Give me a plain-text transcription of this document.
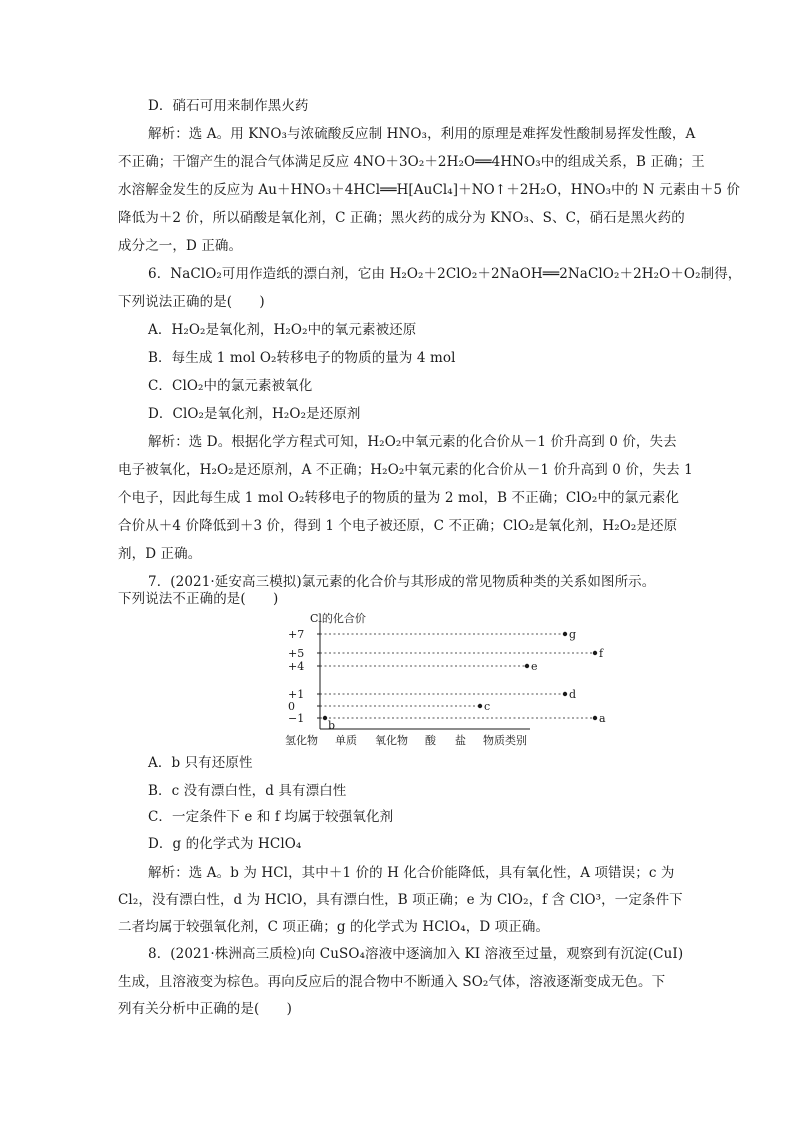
D．硝石可用来制作黑火药
解析：选 A。用 KNO₃与浓硫酸反应制 HNO₃，利用的原理是难挥发性酸制易挥发性酸，A
不正确；干馏产生的混合气体满足反应 4NO＋3O₂＋2H₂O══4HNO₃中的组成关系，B 正确；王
水溶解金发生的反应为 Au＋HNO₃＋4HCl══H[AuCl₄]＋NO↑＋2H₂O，HNO₃中的 N 元素由＋5 价
降低为＋2 价，所以硝酸是氧化剂，C 正确；黑火药的成分为 KNO₃、S、C，硝石是黑火药的
成分之一，D 正确。
6．NaClO₂可用作造纸的漂白剂，它由 H₂O₂＋2ClO₂＋2NaOH══2NaClO₂＋2H₂O＋O₂制得，
下列说法正确的是(　　)
A．H₂O₂是氧化剂，H₂O₂中的氧元素被还原
B．每生成 1 mol O₂转移电子的物质的量为 4 mol
C．ClO₂中的氯元素被氧化
D．ClO₂是氧化剂，H₂O₂是还原剂
解析：选 D。根据化学方程式可知，H₂O₂中氧元素的化合价从－1 价升高到 0 价，失去
电子被氧化，H₂O₂是还原剂，A 不正确；H₂O₂中氧元素的化合价从－1 价升高到 0 价，失去 1
个电子，因此每生成 1 mol O₂转移电子的物质的量为 2 mol，B 不正确；ClO₂中的氯元素化
合价从＋4 价降低到＋3 价，得到 1 个电子被还原，C 不正确；ClO₂是氧化剂，H₂O₂是还原
剂，D 正确。
7．(2021·延安高三模拟)氯元素的化合价与其形成的常见物质种类的关系如图所示。
下列说法不正确的是(　　)
Cl的化合价
物质类别
+7
+5
+4
+1
0
−1
氢化物 单质 氧化物 酸 盐
g
f
e
d
c
b
a
A．b 只有还原性
B．c 没有漂白性，d 具有漂白性
C．一定条件下 e 和 f 均属于较强氧化剂
D．g 的化学式为 HClO₄
解析：选 A。b 为 HCl，其中＋1 价的 H 化合价能降低，具有氧化性，A 项错误；c 为
Cl₂，没有漂白性，d 为 HClO，具有漂白性，B 项正确；e 为 ClO₂，f 含 ClO³，一定条件下
二者均属于较强氧化剂，C 项正确；g 的化学式为 HClO₄，D 项正确。
8．(2021·株洲高三质检)向 CuSO₄溶液中逐滴加入 KI 溶液至过量，观察到有沉淀(CuI)
生成，且溶液变为棕色。再向反应后的混合物中不断通入 SO₂气体，溶液逐渐变成无色。下
列有关分析中正确的是(　　)
